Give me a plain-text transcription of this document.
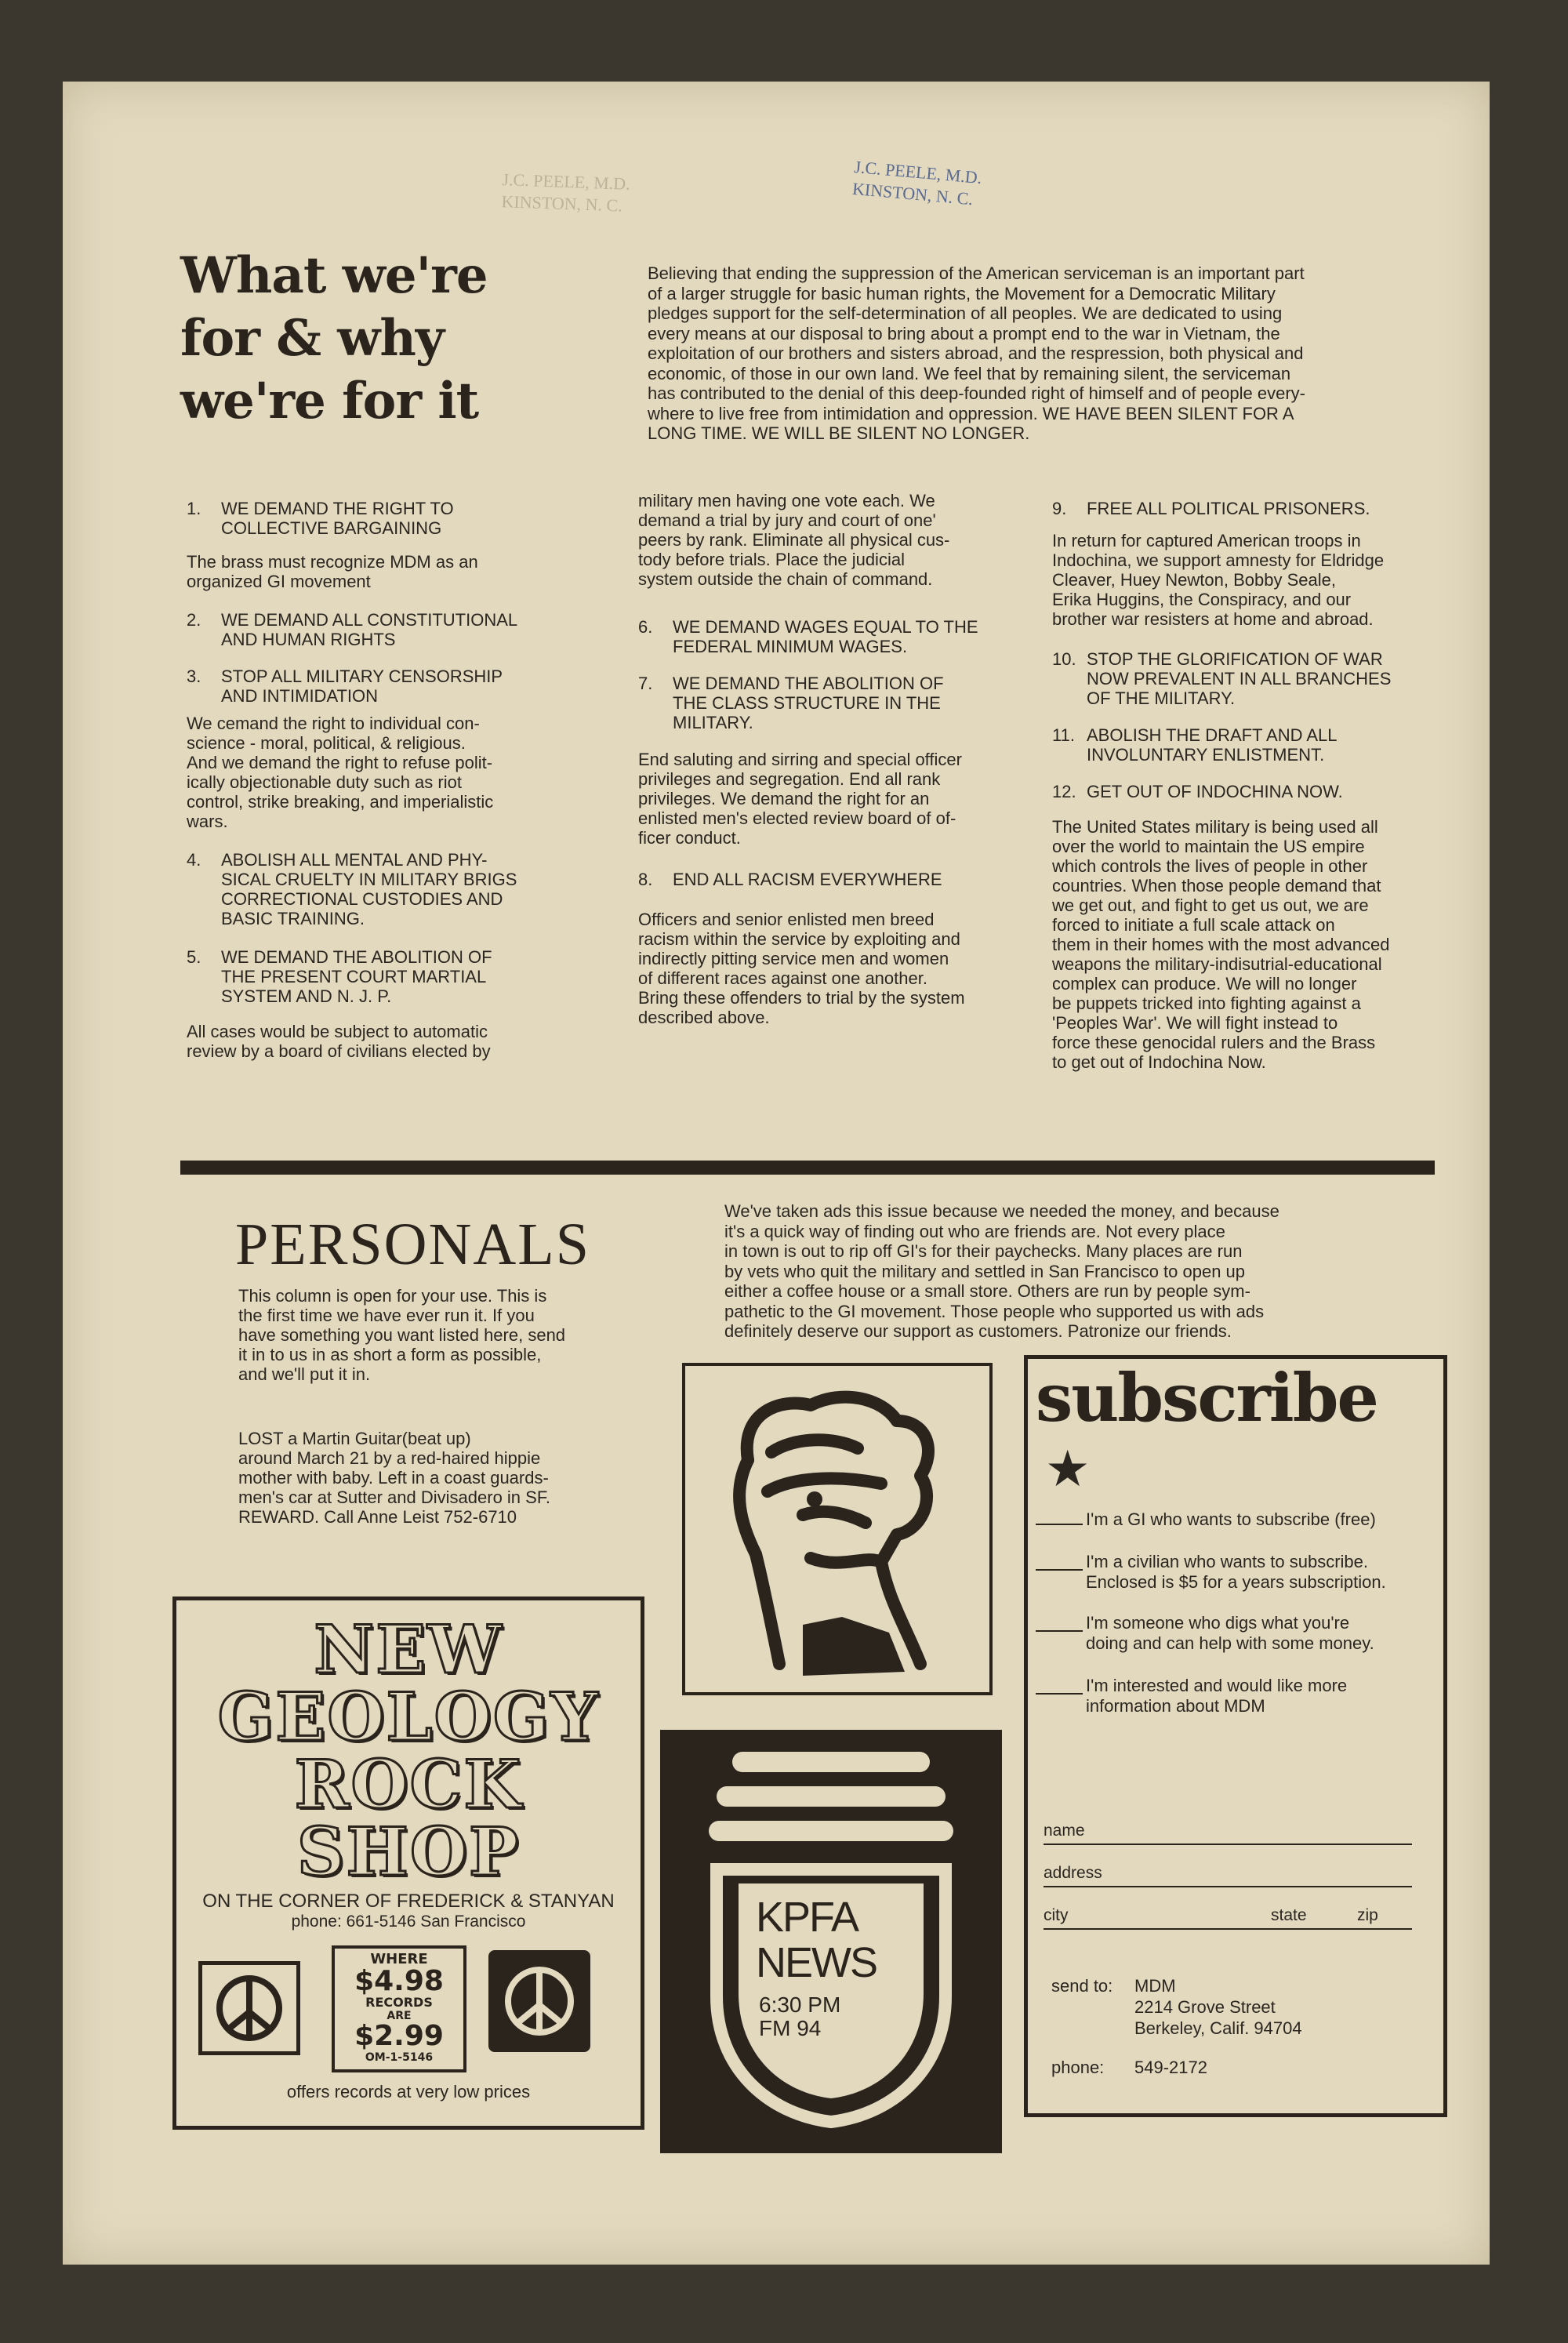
J.C. PEELE, M.D.
KINSTON, N. C.
J.C. PEELE, M.D.
KINSTON, N. C.
What we're
for & why
we're for it
Believing that ending the suppression of the American serviceman is an important part
of a larger struggle for basic human rights, the Movement for a Democratic Military
pledges support for the self-determination of all peoples. We are dedicated to using
every means at our disposal to bring about a prompt end to the war in Vietnam, the
exploitation of our brothers and sisters abroad, and the respression, both physical and
economic, of those in our own land. We feel that by remaining silent, the serviceman
has contributed to the denial of this deep-founded right of himself and of people every-
where to live free from intimidation and oppression. WE HAVE BEEN SILENT FOR A
LONG TIME. WE WILL BE SILENT NO LONGER.
1.	WE DEMAND THE RIGHT TO
COLLECTIVE BARGAINING

The brass must recognize MDM as an
organized GI movement

2.	WE DEMAND ALL CONSTITUTIONAL
AND HUMAN RIGHTS
3.	STOP ALL MILITARY CENSORSHIP
AND INTIMIDATION

We cemand the right to individual con-
science - moral, political, & religious.
And we demand the right to refuse polit-
ically objectionable duty such as riot
control, strike breaking, and imperialistic
wars.

4.	ABOLISH ALL MENTAL AND PHY-
SICAL CRUELTY IN MILITARY BRIGS
CORRECTIONAL CUSTODIES AND
BASIC TRAINING.
5.	WE DEMAND THE ABOLITION OF
THE PRESENT COURT MARTIAL
SYSTEM AND N. J. P.

All cases would be subject to automatic
review by a board of civilians elected by

military men having one vote each. We
demand a trial by jury and court of one'
peers by rank. Eliminate all physical cus-
tody before trials. Place the judicial
system outside the chain of command.

6.	WE DEMAND WAGES EQUAL TO THE
FEDERAL MINIMUM WAGES.
7.	WE DEMAND THE ABOLITION OF
THE CLASS STRUCTURE IN THE
MILITARY.

End saluting and sirring and special officer
privileges and segregation. End all rank
privileges. We demand the right for an
enlisted men's elected review board of of-
ficer conduct.

8.	END ALL RACISM EVERYWHERE

Officers and senior enlisted men breed
racism within the service by exploiting and
indirectly pitting service men and women
of different races against one another.
Bring these offenders to trial by the system
described above.

9.	FREE ALL POLITICAL PRISONERS.

In return for captured American troops in
Indochina, we support amnesty for Eldridge
Cleaver, Huey Newton, Bobby Seale,
Erika Huggins, the Conspiracy, and our
brother war resisters at home and abroad.

10. STOP THE GLORIFICATION OF WAR
NOW PREVALENT IN ALL BRANCHES
OF THE MILITARY.
11. ABOLISH THE DRAFT AND ALL
INVOLUNTARY ENLISTMENT.
12. GET OUT OF INDOCHINA NOW.

The United States military is being used all
over the world to maintain the US empire
which controls the lives of people in other
countries. When those people demand that
we get out, and fight to get us out, we are
forced to initiate a full scale attack on
them in their homes with the most advanced
weapons the military-indisutrial-educational
complex can produce. We will no longer
be puppets tricked into fighting against a
'Peoples War'. We will fight instead to
force these genocidal rulers and the Brass
to get out of Indochina Now.

PERSONALS
This column is open for your use. This is
the first time we have ever run it. If you
have something you want listed here, send
it in to us in as short a form as possible,
and we'll put it in.
LOST a Martin Guitar(beat up)
around March 21 by a red-haired hippie
mother with baby. Left in a coast guards-
men's car at Sutter and Divisadero in SF.
REWARD. Call Anne Leist 752-6710
We've taken ads this issue because we needed the money, and because
it's a quick way of finding out who are friends are. Not every place
in town is out to rip off GI's for their paychecks. Many places are run
by vets who quit the military and settled in San Francisco to open up
either a coffee house or a small store. Others are run by people sym-
pathetic to the GI movement. Those people who supported us with ads
definitely deserve our support as customers. Patronize our friends.
KPFA
NEWS
6:30 PM
FM 94
NEW
GEOLOGY
ROCK
SHOP
ON THE CORNER OF FREDERICK & STANYAN
phone: 661-5146 San Francisco
WHERE
$4.98
RECORDS
ARE
$2.99
OM-1-5146
offers records at very low prices
subscribe
★
I'm a GI who wants to subscribe (free)
I'm a civilian who wants to subscribe.
Enclosed is $5 for a years subscription.
I'm someone who digs what you're
doing and can help with some money.
I'm interested and would like more
information about MDM
name
address
city	state	zip
send to: MDM
2214 Grove Street
Berkeley, Calif. 94704
phone: 549-2172
